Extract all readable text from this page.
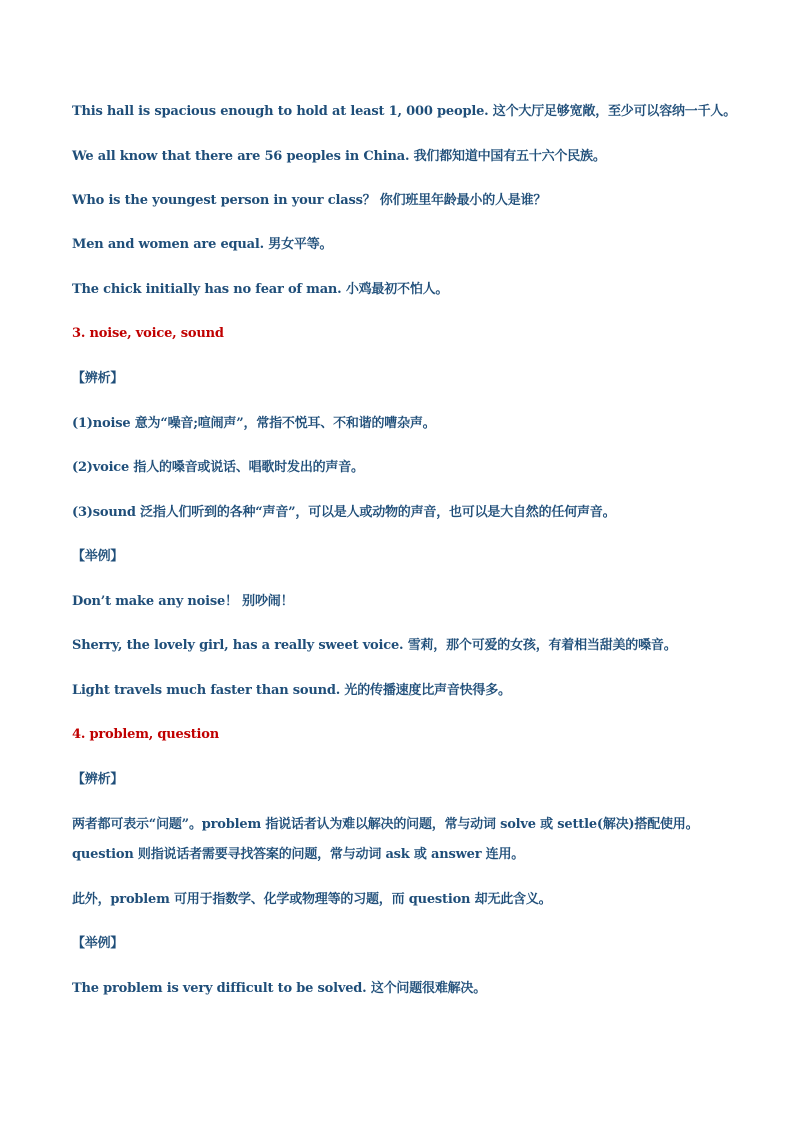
This hall is spacious enough to hold at least 1, 000 people. 这个大厅足够宽敞，至少可以容纳一千人。
We all know that there are 56 peoples in China. 我们都知道中国有五十六个民族。
Who is the youngest person in your class？ 你们班里年龄最小的人是谁？
Men and women are equal. 男女平等。
The chick initially has no fear of man. 小鸡最初不怕人。
3. noise, voice, sound
【辨析】
(1)noise 意为“噪音;喧闹声”，常指不悦耳、不和谐的嘈杂声。
(2)voice 指人的嗓音或说话、唱歌时发出的声音。
(3)sound 泛指人们听到的各种“声音”，可以是人或动物的声音，也可以是大自然的任何声音。
【举例】
Don’t make any noise！ 别吵闹！
Sherry, the lovely girl, has a really sweet voice. 雪莉，那个可爱的女孩，有着相当甜美的嗓音。
Light travels much faster than sound. 光的传播速度比声音快得多。
4. problem, question
【辨析】
两者都可表示“问题”。problem 指说话者认为难以解决的问题，常与动词 solve 或 settle(解决)搭配使用。
question 则指说话者需要寻找答案的问题，常与动词 ask 或 answer 连用。
此外，problem 可用于指数学、化学或物理等的习题，而 question 却无此含义。
【举例】
The problem is very difficult to be solved. 这个问题很难解决。
